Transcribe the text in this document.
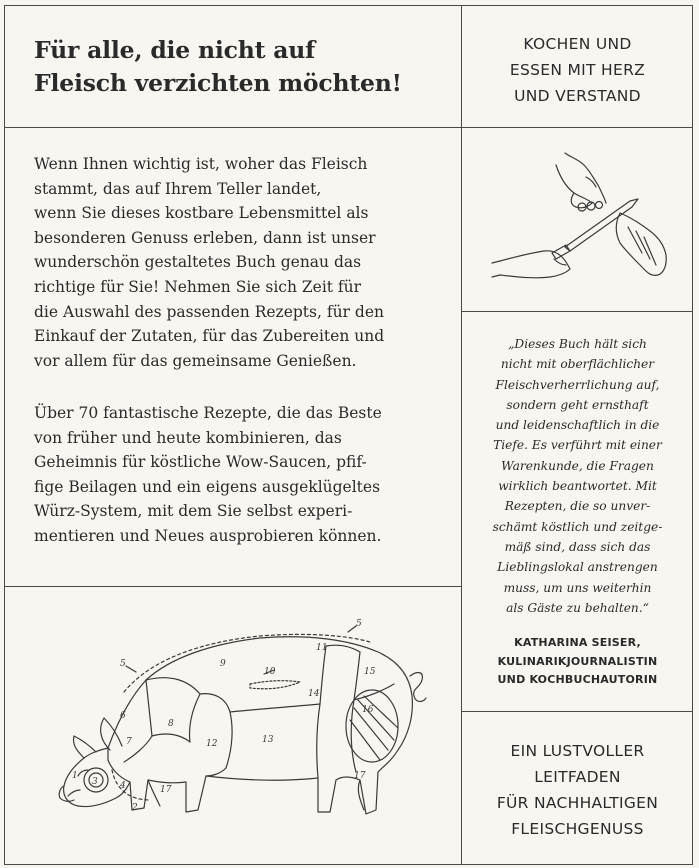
Für alle, die nicht auf
Fleisch verzichten möchten!
KOCHEN UND
ESSEN MIT HERZ
UND VERSTAND
Wenn Ihnen wichtig ist, woher das Fleisch
stammt, das auf Ihrem Teller landet,
wenn Sie dieses kostbare Lebensmittel als
besonderen Genuss erleben, dann ist unser
wunderschön gestaltetes Buch genau das
richtige für Sie! Nehmen Sie sich Zeit für
die Auswahl des passenden Rezepts, für den
Einkauf der Zutaten, für das Zubereiten und
vor allem für das gemeinsame Genießen.
Über 70 fantastische Rezepte, die das Beste
von früher und heute kombinieren, das
Geheimnis für köstliche Wow-Saucen, pfif-
fige Beilagen und ein eigens ausgeklügeltes
Würz-System, mit dem Sie selbst experi-
mentieren und Neues ausprobieren können.
„Dieses Buch hält sich
nicht mit oberflächlicher
Fleischverherrlichung auf,
sondern geht ernsthaft
und leidenschaftlich in die
Tiefe. Es verführt mit einer
Warenkunde, die Fragen
wirklich beantwortet. Mit
Rezepten, die so unver-
schämt köstlich und zeitge-
mäß sind, dass sich das
Lieblingslokal anstrengen
muss, um uns weiterhin
als Gäste zu behalten.“
KATHARINA SEISER,
KULINARIKJOURNALISTIN
UND KOCHBUCHAUTORIN
EIN LUSTVOLLER
LEITFADEN
FÜR NACHHALTIGEN
FLEISCHGENUSS
1
2
3 4
5
5
6
7
8
9
10
11
12	13
14
15
16
17
17
